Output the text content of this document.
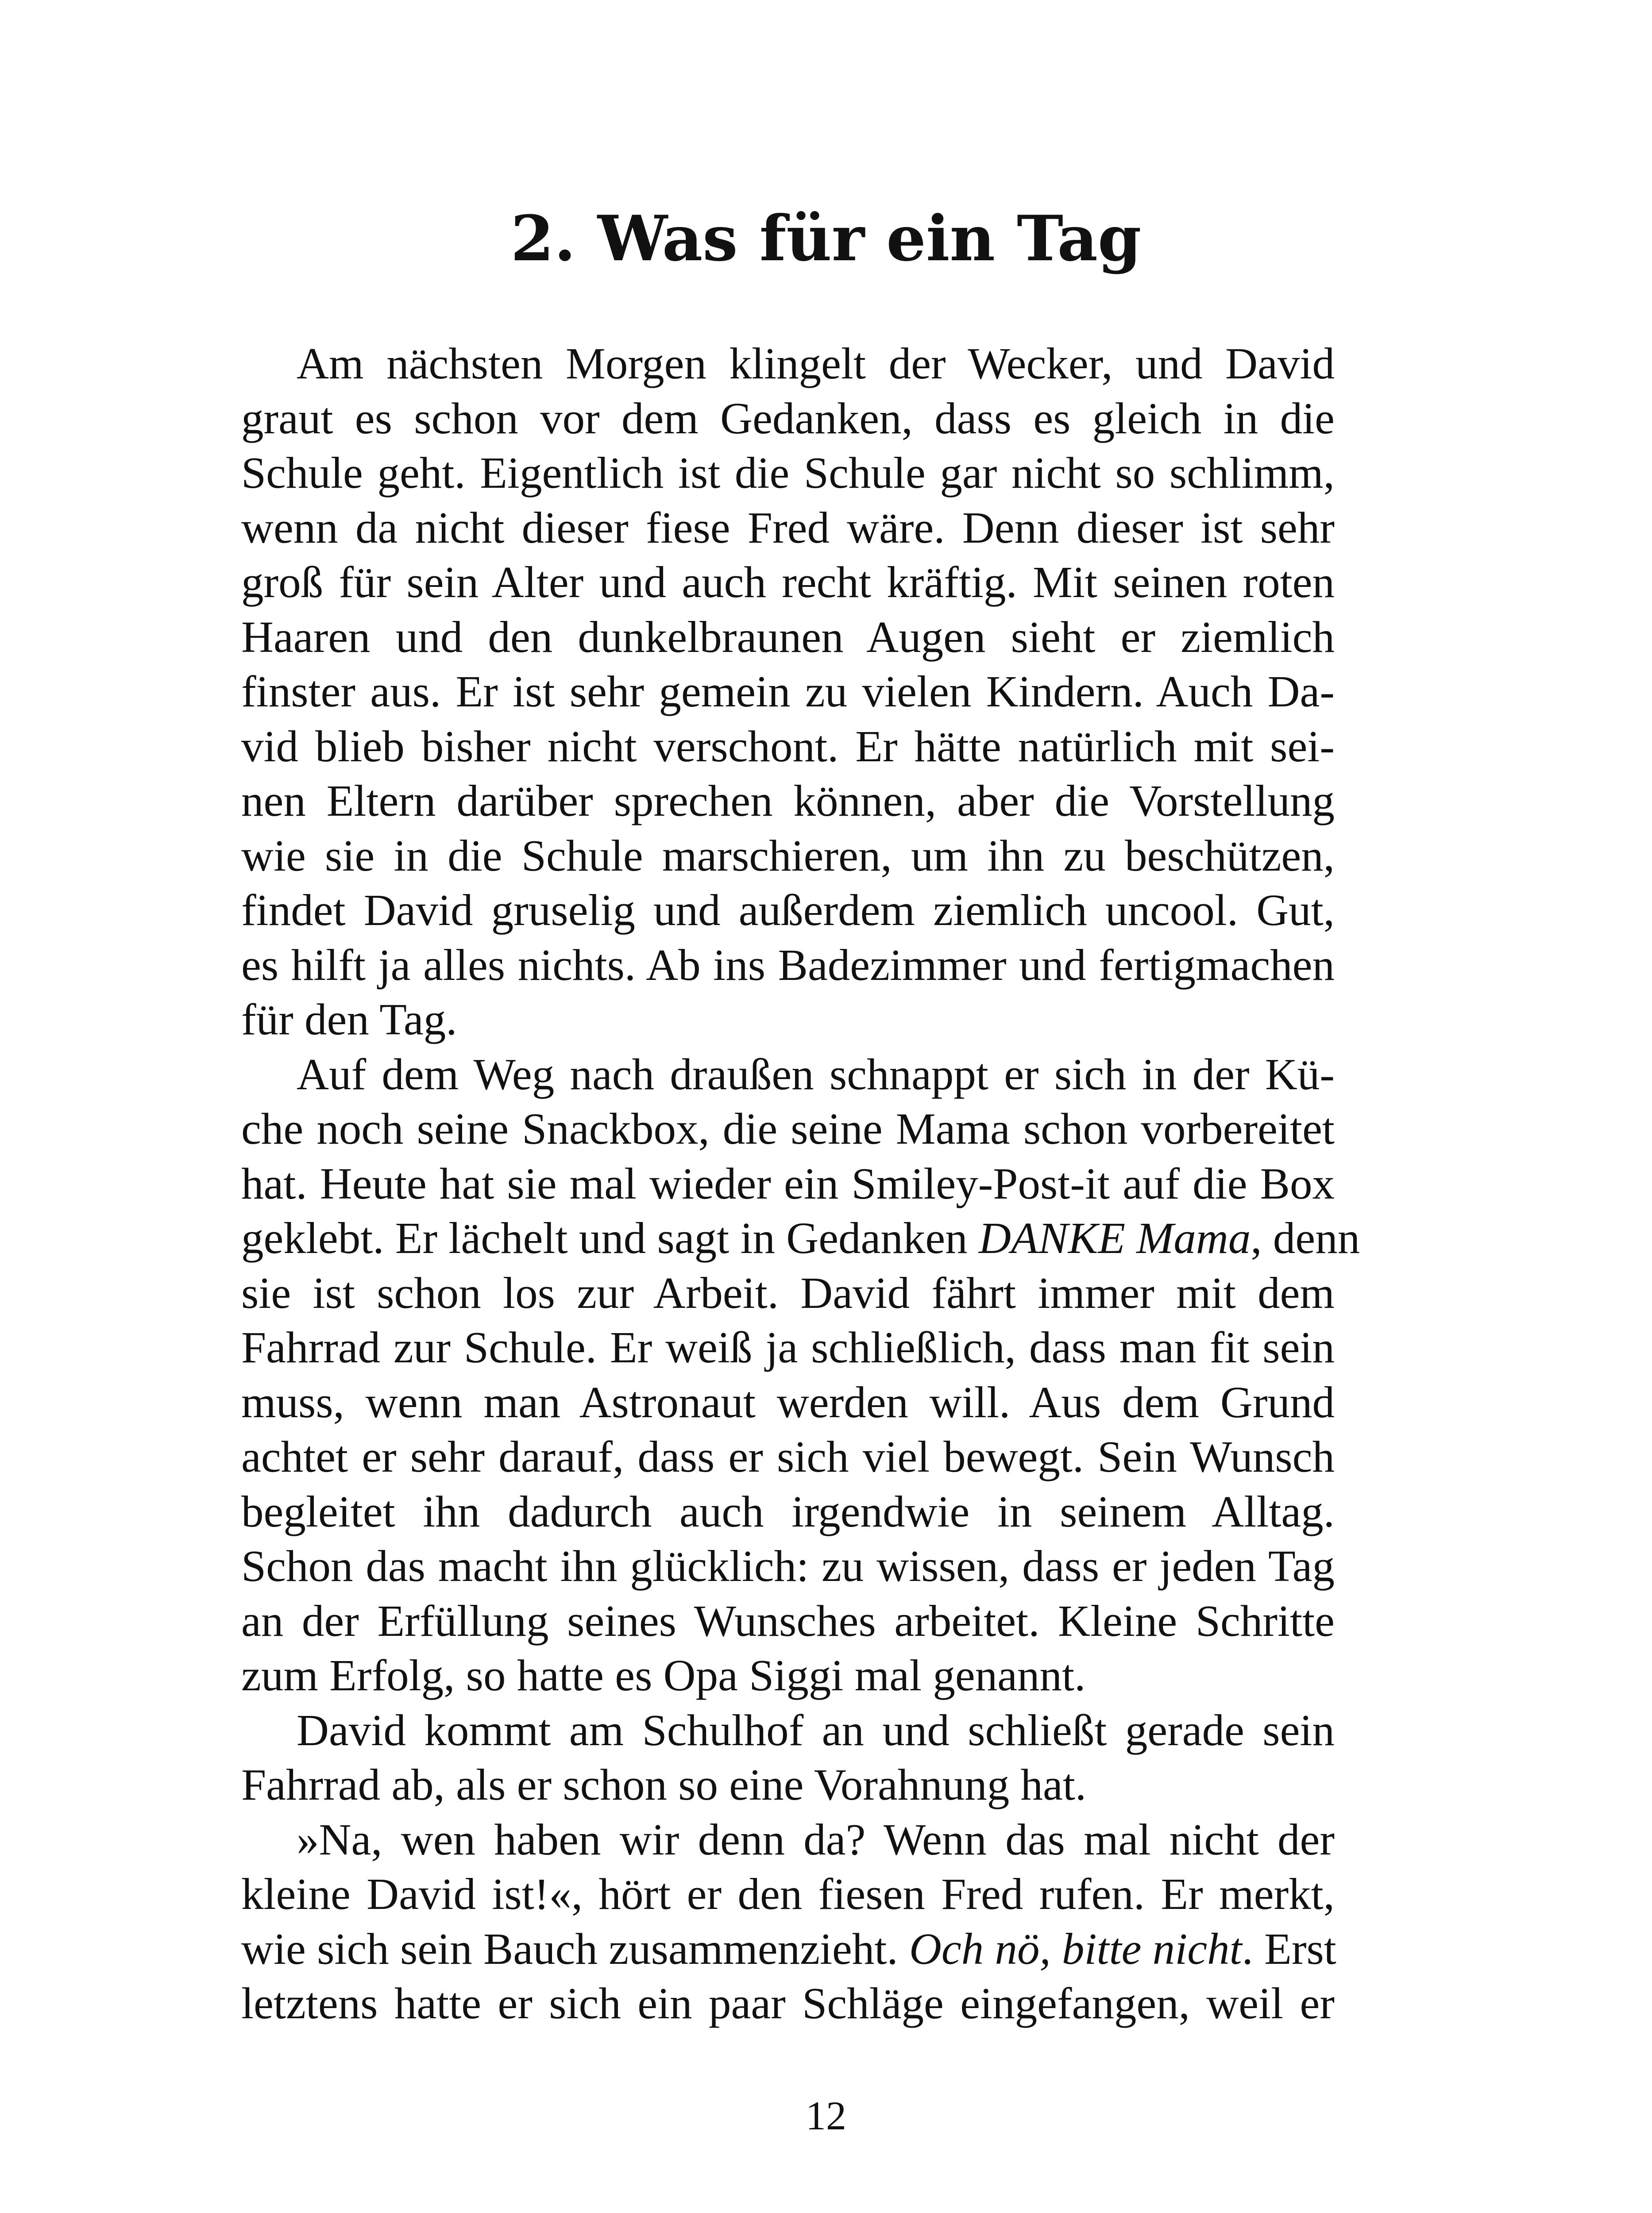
2. Was für ein Tag
Am nächsten Morgen klingelt der Wecker, und David
graut es schon vor dem Gedanken, dass es gleich in die
Schule geht. Eigentlich ist die Schule gar nicht so schlimm,
wenn da nicht dieser fiese Fred wäre. Denn dieser ist sehr
groß für sein Alter und auch recht kräftig. Mit seinen roten
Haaren und den dunkelbraunen Augen sieht er ziemlich
finster aus. Er ist sehr gemein zu vielen Kindern. Auch Da-
vid blieb bisher nicht verschont. Er hätte natürlich mit sei-
nen Eltern darüber sprechen können, aber die Vorstellung
wie sie in die Schule marschieren, um ihn zu beschützen,
findet David gruselig und außerdem ziemlich uncool. Gut,
es hilft ja alles nichts. Ab ins Badezimmer und fertigmachen
für den Tag.
Auf dem Weg nach draußen schnappt er sich in der Kü-
che noch seine Snackbox, die seine Mama schon vorbereitet
hat. Heute hat sie mal wieder ein Smiley-Post-it auf die Box
geklebt. Er lächelt und sagt in Gedanken DANKE Mama, denn
sie ist schon los zur Arbeit. David fährt immer mit dem
Fahrrad zur Schule. Er weiß ja schließlich, dass man fit sein
muss, wenn man Astronaut werden will. Aus dem Grund
achtet er sehr darauf, dass er sich viel bewegt. Sein Wunsch
begleitet ihn dadurch auch irgendwie in seinem Alltag.
Schon das macht ihn glücklich: zu wissen, dass er jeden Tag
an der Erfüllung seines Wunsches arbeitet. Kleine Schritte
zum Erfolg, so hatte es Opa Siggi mal genannt.
David kommt am Schulhof an und schließt gerade sein
Fahrrad ab, als er schon so eine Vorahnung hat.
»Na, wen haben wir denn da? Wenn das mal nicht der
kleine David ist!«, hört er den fiesen Fred rufen. Er merkt,
wie sich sein Bauch zusammenzieht. Och nö, bitte nicht. Erst
letztens hatte er sich ein paar Schläge eingefangen, weil er
12
